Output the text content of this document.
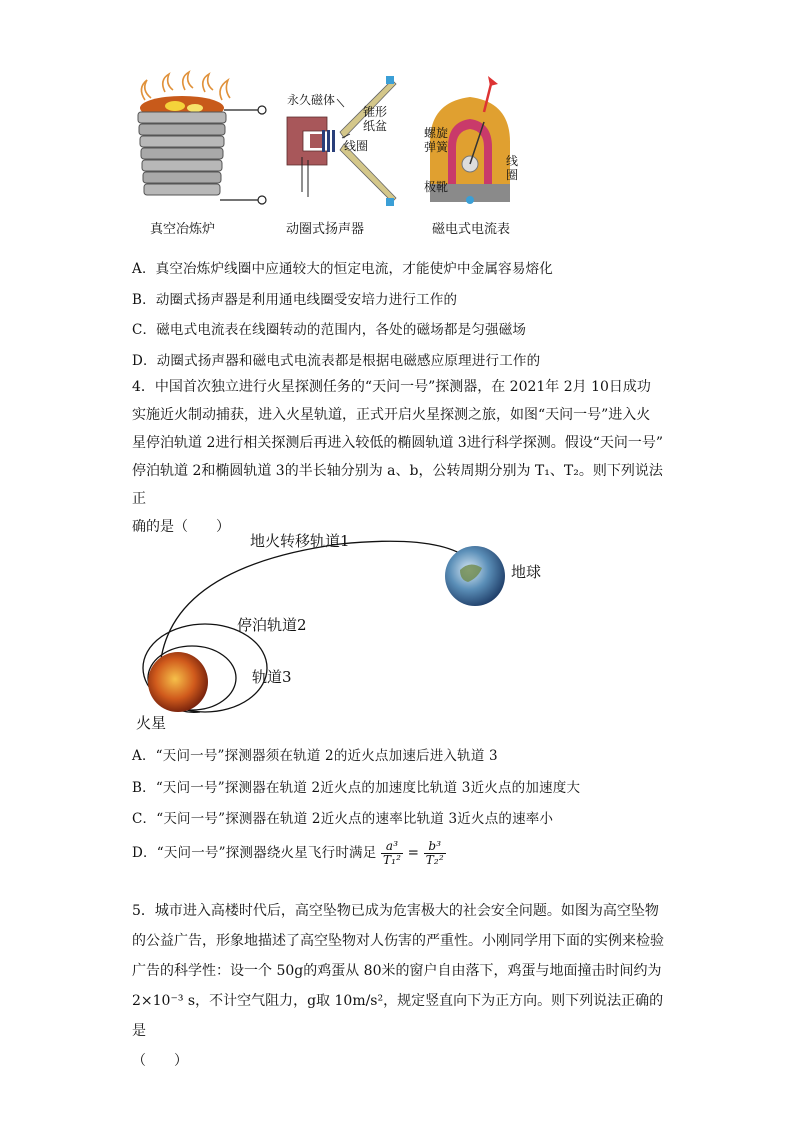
真空冶炼炉
永久磁体
锥形
纸盆
线圈
动圈式扬声器
螺旋
弹簧
极靴
线
圈
磁电式电流表
A．真空冶炼炉线圈中应通较大的恒定电流，才能使炉中金属容易熔化
B．动圈式扬声器是利用通电线圈受安培力进行工作的
C．磁电式电流表在线圈转动的范围内，各处的磁场都是匀强磁场
D．动圈式扬声器和磁电式电流表都是根据电磁感应原理进行工作的
4．中国首次独立进行火星探测任务的“天问一号”探测器，在 2021年 2月 10日成功
实施近火制动捕获，进入火星轨道，正式开启火星探测之旅，如图“天问一号”进入火
星停泊轨道 2进行相关探测后再进入较低的椭圆轨道 3进行科学探测。假设“天问一号”
停泊轨道 2和椭圆轨道 3的半长轴分别为 a、b，公转周期分别为 T₁、T₂。则下列说法正
确的是（　　）
地火转移轨道1
地球
停泊轨道2
轨道3
火星
A．“天问一号”探测器须在轨道 2的近火点加速后进入轨道 3
B．“天问一号”探测器在轨道 2近火点的加速度比轨道 3近火点的加速度大
C．“天问一号”探测器在轨道 2近火点的速率比轨道 3近火点的速率小
D．“天问一号”探测器绕火星飞行时满足 $\frac{\text{a³}}{\text{T₁²}} = \frac{\text{b³}}{\text{T₂²}}$
5．城市进入高楼时代后，高空坠物已成为危害极大的社会安全问题。如图为高空坠物
的公益广告，形象地描述了高空坠物对人伤害的严重性。小刚同学用下面的实例来检验
广告的科学性：设一个 50g的鸡蛋从 80米的窗户自由落下，鸡蛋与地面撞击时间约为
2×10⁻³ s，不计空气阻力，g取 10m/s²，规定竖直向下为正方向。则下列说法正确的是
（　　）
